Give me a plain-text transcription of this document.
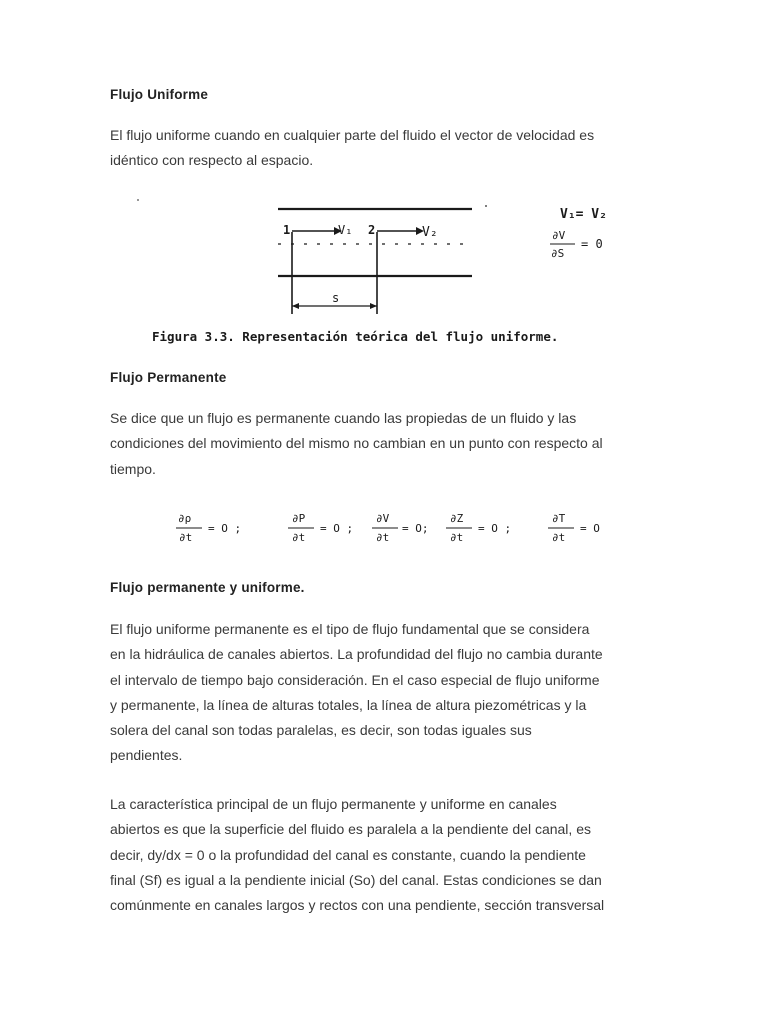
Flujo Uniforme
El flujo uniforme cuando en cualquier parte del fluido el vector de velocidad es
idéntico con respecto al espacio.
1	2
V₁	V₂
s
V₁= V₂
∂V
∂S
= 0
Figura 3.3. Representación teórica del flujo uniforme.
Flujo Permanente
Se dice que un flujo es permanente cuando las propiedas de un fluido y las
condiciones del movimiento del mismo no cambian en un punto con respecto al
tiempo.
∂ρ
∂t
= O ;
∂P
∂t
= O ;
∂V
∂t
= O;
∂Z
∂t
= O ;
∂T
∂t
= O
Flujo permanente y uniforme.
El flujo uniforme permanente es el tipo de flujo fundamental que se considera
en la hidráulica de canales abiertos. La profundidad del flujo no cambia durante
el intervalo de tiempo bajo consideración. En el caso especial de flujo uniforme
y permanente, la línea de alturas totales, la línea de altura piezométricas y la
solera del canal son todas paralelas, es decir, son todas iguales sus
pendientes.
La característica principal de un flujo permanente y uniforme en canales
abiertos es que la superficie del fluido es paralela a la pendiente del canal, es
decir, dy/dx = 0 o la profundidad del canal es constante, cuando la pendiente
final (Sf) es igual a la pendiente inicial (So) del canal. Estas condiciones se dan
comúnmente en canales largos y rectos con una pendiente, sección transversal
